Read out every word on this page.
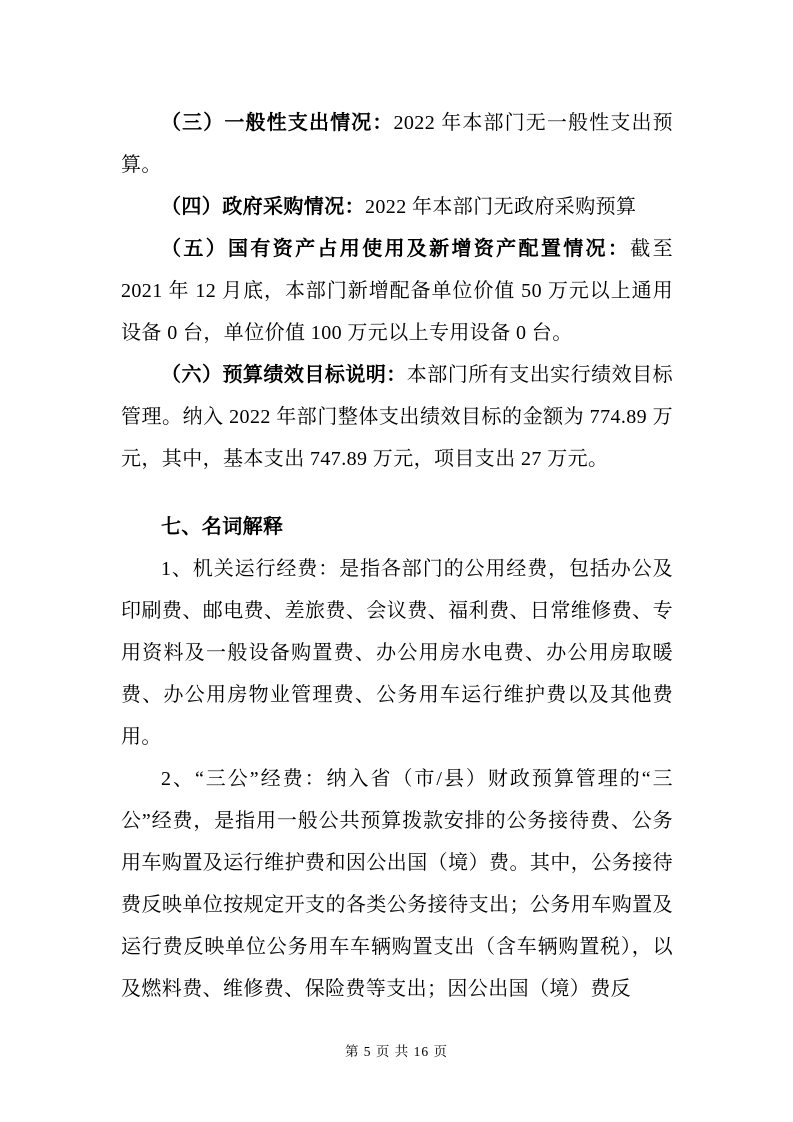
（三）一般性支出情况：2022 年本部门无一般性支出预算。

（四）政府采购情况：2022 年本部门无政府采购预算

（五）国有资产占用使用及新增资产配置情况：截至 2021 年 12 月底，本部门新增配备单位价值 50 万元以上通用设备 0 台，单位价值 100 万元以上专用设备 0 台。

（六）预算绩效目标说明：本部门所有支出实行绩效目标管理。纳入 2022 年部门整体支出绩效目标的金额为 774.89 万元，其中，基本支出 747.89 万元，项目支出 27 万元。

七、名词解释

1、机关运行经费：是指各部门的公用经费，包括办公及印刷费、邮电费、差旅费、会议费、福利费、日常维修费、专用资料及一般设备购置费、办公用房水电费、办公用房取暖费、办公用房物业管理费、公务用车运行维护费以及其他费用。

2、“三公”经费：纳入省（市/县）财政预算管理的“三公”经费，是指用一般公共预算拨款安排的公务接待费、公务用车购置及运行维护费和因公出国（境）费。其中，公务接待费反映单位按规定开支的各类公务接待支出；公务用车购置及运行费反映单位公务用车车辆购置支出（含车辆购置税），以及燃料费、维修费、保险费等支出；因公出国（境）费反

第 5 页 共 16 页
